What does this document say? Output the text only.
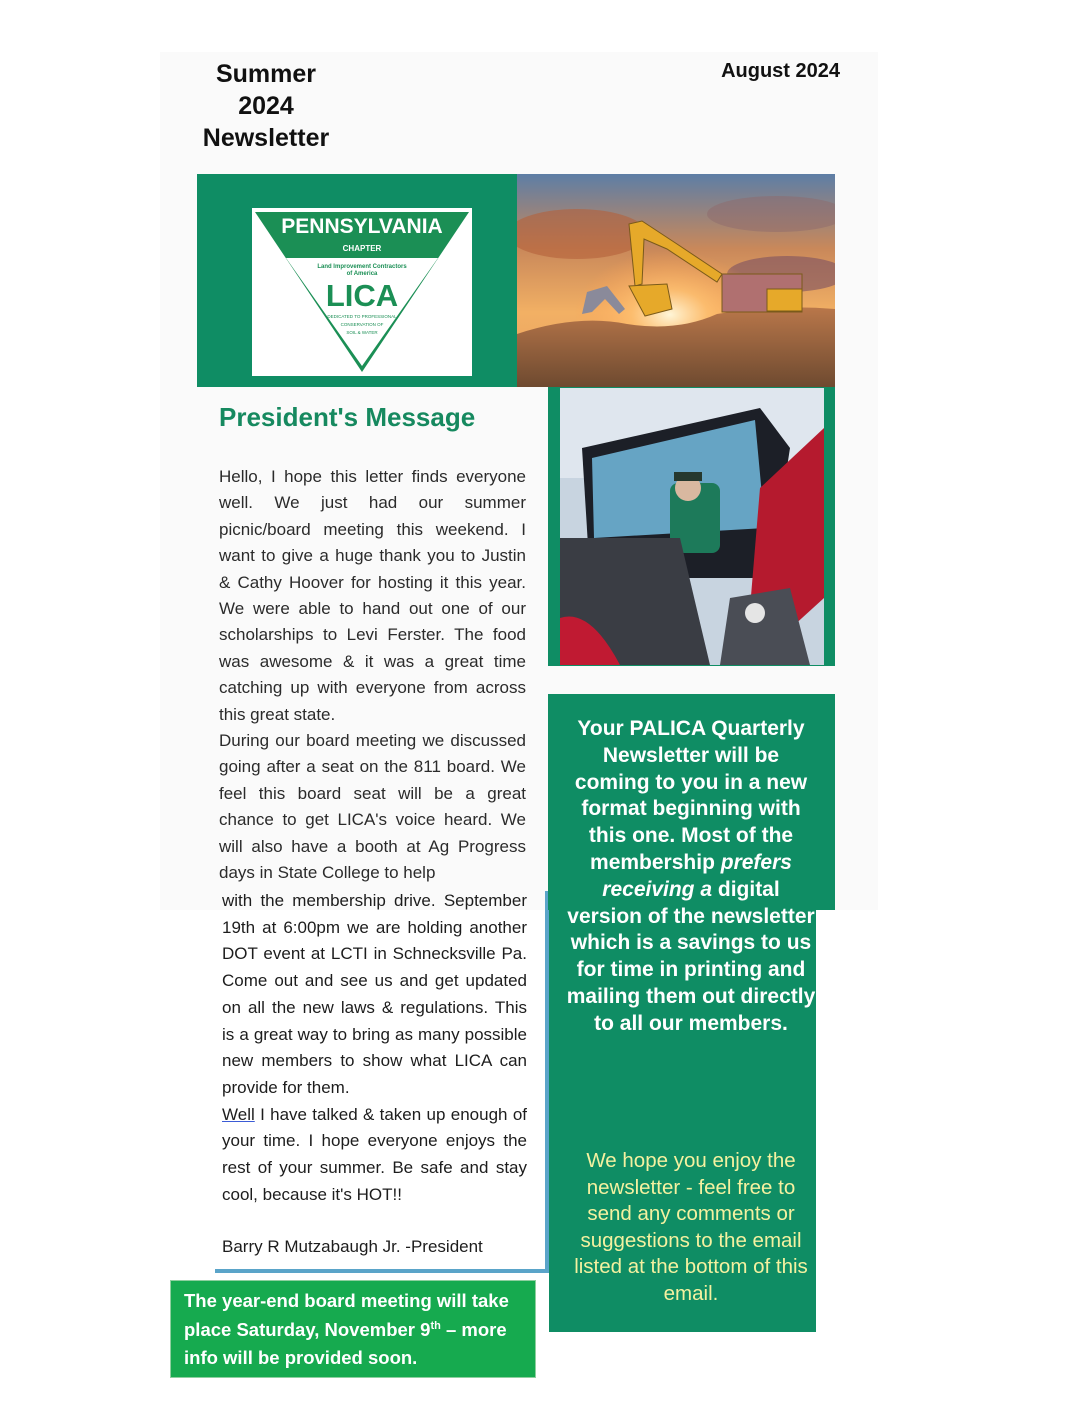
Summer 2024 Newsletter
August 2024
PENNSYLVANIA
CHAPTER
Land Improvement Contractors
of America
LICA
DEDICATED TO PROFESSIONAL
CONSERVATION OF
SOIL & WATER
President's Message

Hello, I hope this letter finds everyone well. We just had our summer picnic/board meeting this weekend. I want to give a huge thank you to Justin & Cathy Hoover for hosting it this year. We were able to hand out one of our scholarships to Levi Ferster. The food was awesome & it was a great time catching up with everyone from across this great state.

During our board meeting we discussed going after a seat on the 811 board. We feel this board seat will be a great chance to get LICA's voice heard. We will also have a booth at Ag Progress days in State College to help

with the membership drive. September 19th at 6:00pm we are holding another DOT event at LCTI in Schnecksville Pa. Come out and see us and get updated on all the new laws & regulations. This is a great way to bring as many possible new members to show what LICA can provide for them.

Well I have talked & taken up enough of your time. I hope everyone enjoys the rest of your summer. Be safe and stay cool, because it's HOT!!

Barry R Mutzabaugh Jr. -President
Your PALICA Quarterly Newsletter will be coming to you in a new format beginning with this one. Most of the membership prefers receiving a digital version of the newsletter which is a savings to us for time in printing and mailing them out directly to all our members.
We hope you enjoy the newsletter - feel free to send any comments or suggestions to the email listed at the bottom of this email.
The year-end board meeting will take place Saturday, November 9th – more info will be provided soon.
